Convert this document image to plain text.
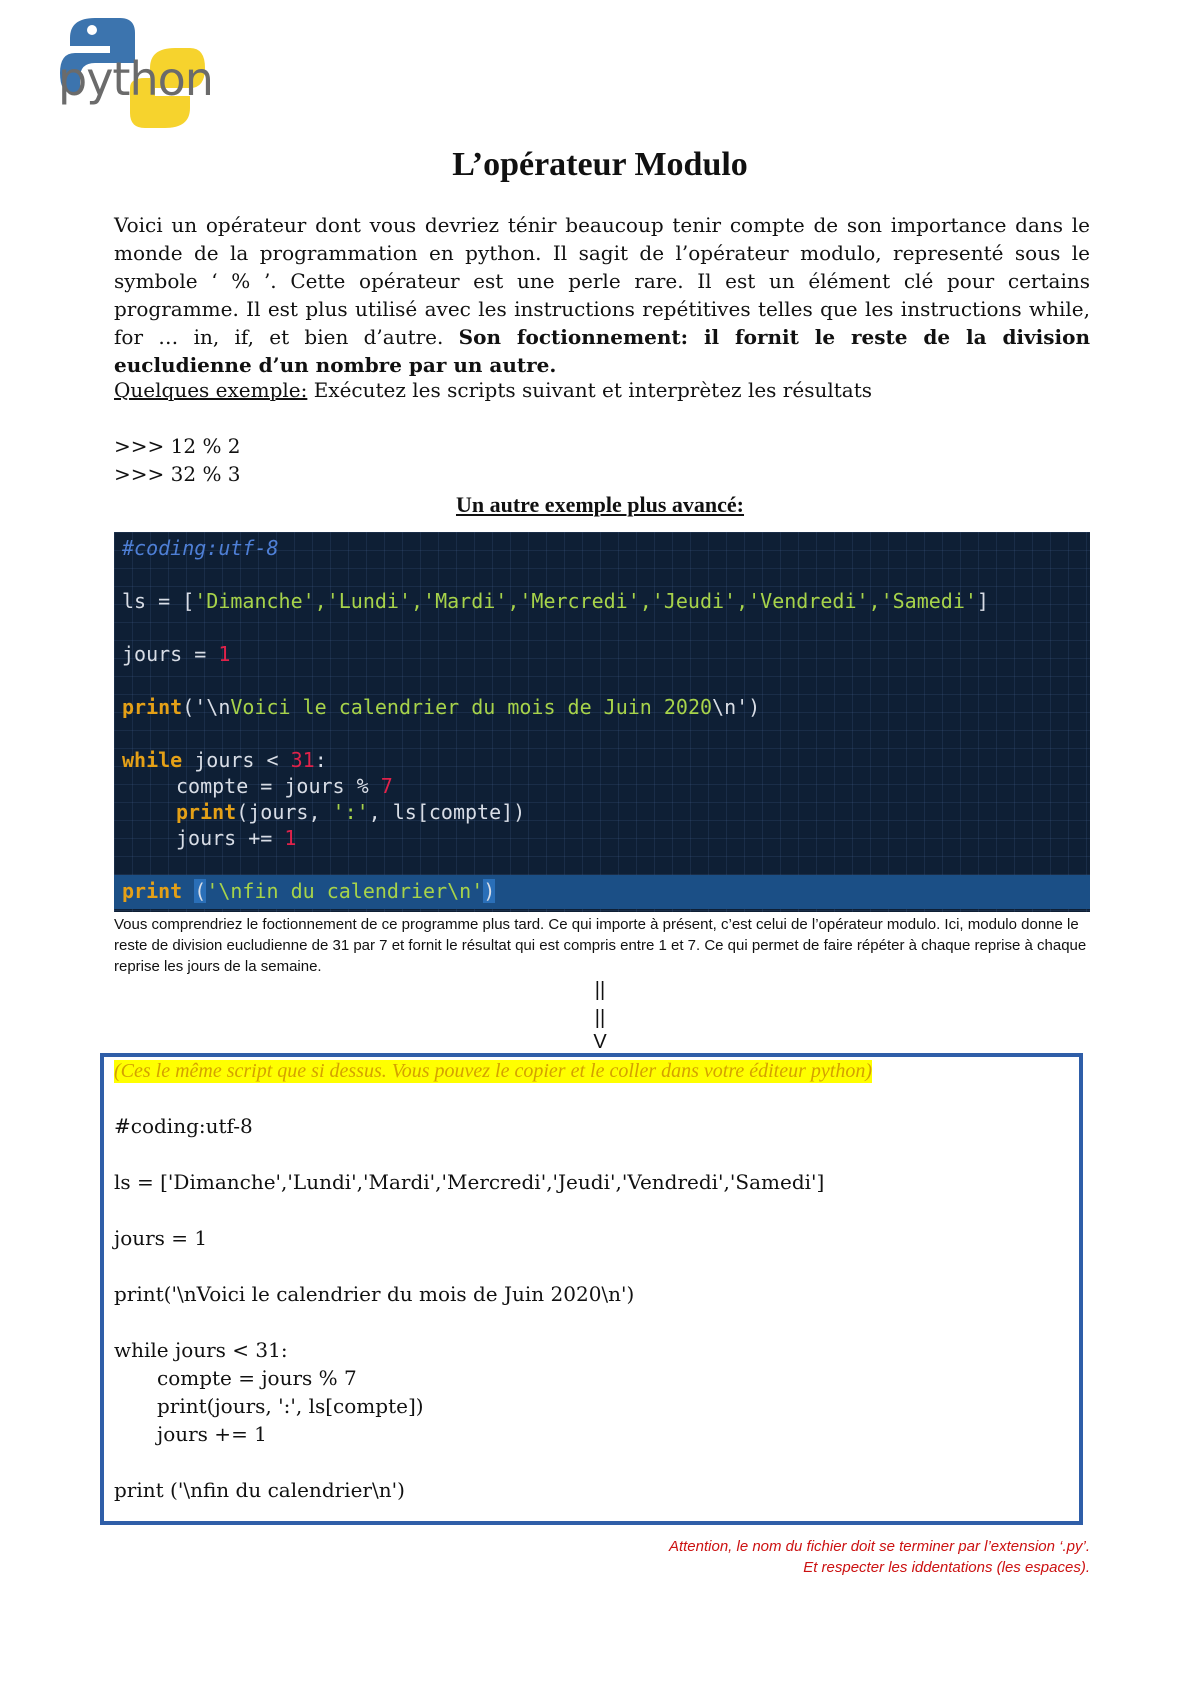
python
L’opérateur Modulo
Voici un opérateur dont vous devriez ténir beaucoup tenir compte de son importance dans le monde de la programmation en python. Il sagit de l’opérateur modulo, representé sous le symbole ‘ % ’. Cette opérateur est une perle rare. Il est un élément clé pour certains programme. Il est plus utilisé avec les instructions repétitives telles que les instructions while, for … in, if, et bien d’autre. Son foctionnement: il fornit le reste de la division eucludienne d’un nombre par un autre.
Quelques exemple: Exécutez les scripts suivant et interprètez les résultats
>>> 12 % 2
>>> 32 % 3
Un autre exemple plus avancé:
#coding:utf-8
ls = ['Dimanche','Lundi','Mardi','Mercredi','Jeudi','Vendredi','Samedi']
jours = 1
print('\nVoici le calendrier du mois de Juin 2020\n')
while jours < 31:
compte = jours % 7
print(jours, ':', ls[compte])
jours += 1
print ('\nfin du calendrier\n')
Vous comprendriez le foctionnement de ce programme plus tard. Ce qui importe à présent, c’est celui de l’opérateur modulo. Ici, modulo donne le reste de division eucludienne de 31 par 7 et fornit le résultat qui est compris entre 1 et 7. Ce qui permet de faire répéter à chaque reprise à chaque reprise les jours de la semaine.
||
||
V
(Ces le même script que si dessus. Vous pouvez le copier et le coller dans votre éditeur python)
#coding:utf-8
ls = ['Dimanche','Lundi','Mardi','Mercredi','Jeudi','Vendredi','Samedi']
jours = 1
print('\nVoici le calendrier du mois de Juin 2020\n')
while jours < 31:
compte = jours % 7
print(jours, ':', ls[compte])
jours += 1
print ('\nfin du calendrier\n')
Attention, le nom du fichier doit se terminer par l’extension ‘.py’.
Et respecter les iddentations (les espaces).
